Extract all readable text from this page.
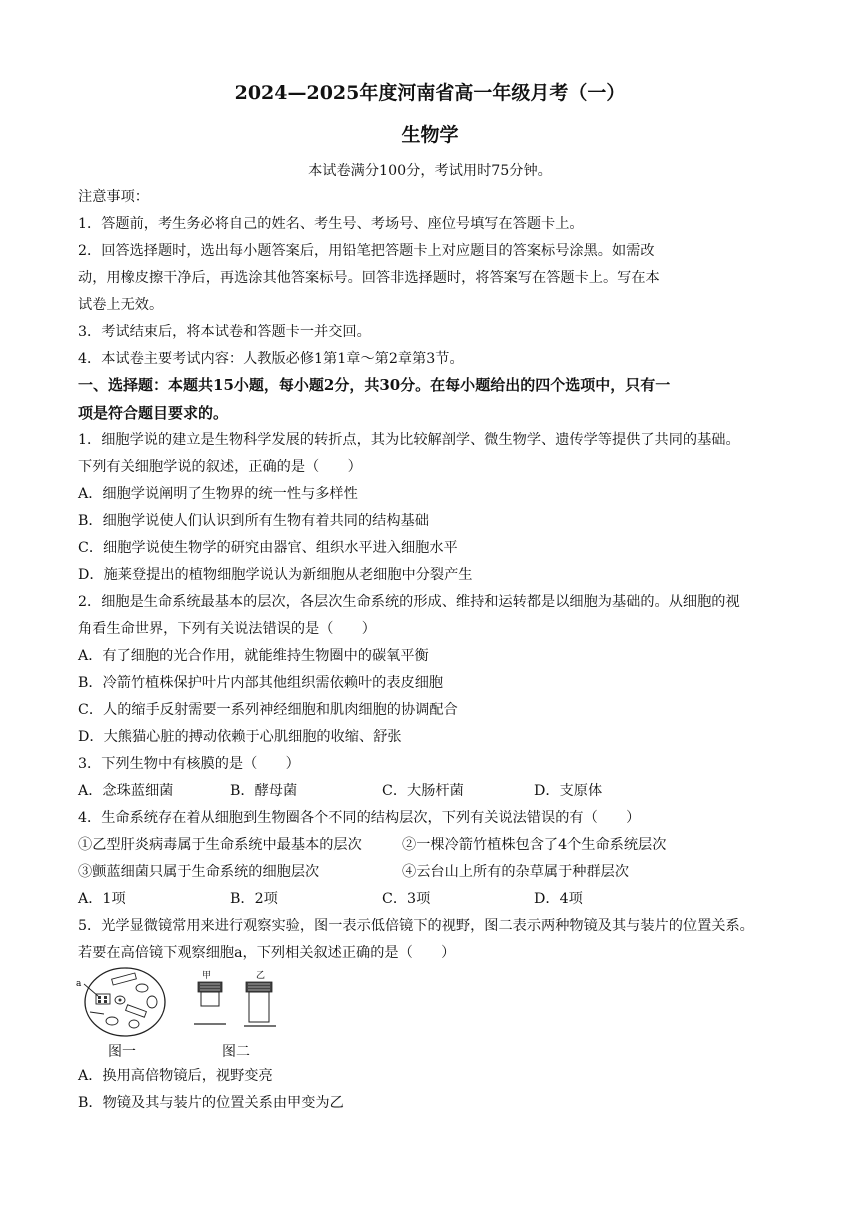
2024—2025年度河南省高一年级月考（一）
生物学
本试卷满分100分，考试用时75分钟。
注意事项：
1．答题前，考生务必将自己的姓名、考生号、考场号、座位号填写在答题卡上。
2．回答选择题时，选出每小题答案后，用铅笔把答题卡上对应题目的答案标号涂黑。如需改
动，用橡皮擦干净后，再选涂其他答案标号。回答非选择题时，将答案写在答题卡上。写在本
试卷上无效。
3．考试结束后，将本试卷和答题卡一并交回。
4．本试卷主要考试内容：人教版必修1第1章～第2章第3节。
一、选择题：本题共15小题，每小题2分，共30分。在每小题给出的四个选项中，只有一
项是符合题目要求的。
1．细胞学说的建立是生物科学发展的转折点，其为比较解剖学、微生物学、遗传学等提供了共同的基础。
下列有关细胞学说的叙述，正确的是（　　）
A．细胞学说阐明了生物界的统一性与多样性
B．细胞学说使人们认识到所有生物有着共同的结构基础
C．细胞学说使生物学的研究由器官、组织水平进入细胞水平
D．施莱登提出的植物细胞学说认为新细胞从老细胞中分裂产生
2．细胞是生命系统最基本的层次，各层次生命系统的形成、维持和运转都是以细胞为基础的。从细胞的视
角看生命世界，下列有关说法错误的是（　　）
A．有了细胞的光合作用，就能维持生物圈中的碳氧平衡
B．冷箭竹植株保护叶片内部其他组织需依赖叶的表皮细胞
C．人的缩手反射需要一系列神经细胞和肌肉细胞的协调配合
D．大熊猫心脏的搏动依赖于心肌细胞的收缩、舒张
3．下列生物中有核膜的是（　　）
A．念珠蓝细菌	B．酵母菌	C．大肠杆菌	D．支原体
4．生命系统存在着从细胞到生物圈各个不同的结构层次，下列有关说法错误的有（　　）
①乙型肝炎病毒属于生命系统中最基本的层次	②一棵冷箭竹植株包含了4个生命系统层次
③颤蓝细菌只属于生命系统的细胞层次	④云台山上所有的杂草属于种群层次
A．1项	B．2项	C．3项	D．4项
5．光学显微镜常用来进行观察实验，图一表示低倍镜下的视野，图二表示两种物镜及其与装片的位置关系。
若要在高倍镜下观察细胞a，下列相关叙述正确的是（　　）
a
甲	乙
图一	图二
A．换用高倍物镜后，视野变亮
B．物镜及其与装片的位置关系由甲变为乙
